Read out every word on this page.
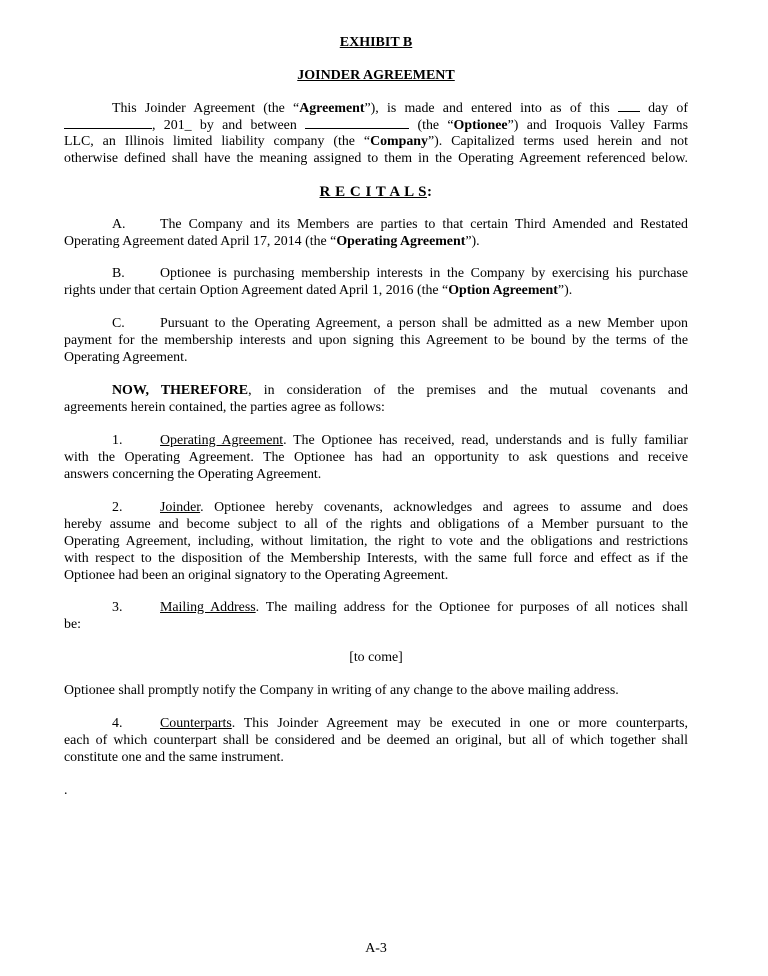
EXHIBIT B
JOINDER AGREEMENT
This Joinder Agreement (the “Agreement”), is made and entered into as of this  day of
, 201_ by and between	(the “Optionee”) and Iroquois Valley Farms
LLC, an Illinois limited liability company (the “Company”). Capitalized terms used herein and not
otherwise defined shall have the meaning assigned to them in the Operating Agreement referenced below.
R E C I T A L S:
A. The Company and its Members are parties to that certain Third Amended and Restated
Operating Agreement dated April 17, 2014 (the “Operating Agreement”).
B.	Optionee is purchasing membership interests in the Company by exercising his purchase
rights under that certain Option Agreement dated April 1, 2016 (the “Option Agreement”).
C.	Pursuant to the Operating Agreement, a person shall be admitted as a new Member upon
payment for the membership interests and upon signing this Agreement to be bound by the terms of the
Operating Agreement.
NOW, THEREFORE, in consideration of the premises and the mutual covenants and
agreements herein contained, the parties agree as follows:
1.	Operating Agreement. The Optionee has received, read, understands and is fully familiar
with the Operating Agreement. The Optionee has had an opportunity to ask questions and receive
answers concerning the Operating Agreement.
2.	Joinder. Optionee hereby covenants, acknowledges and agrees to assume and does
hereby assume and become subject to all of the rights and obligations of a Member pursuant to the
Operating Agreement, including, without limitation, the right to vote and the obligations and restrictions
with respect to the disposition of the Membership Interests, with the same full force and effect as if the
Optionee had been an original signatory to the Operating Agreement.
3.	Mailing Address. The mailing address for the Optionee for purposes of all notices shall
be:
[to come]
Optionee shall promptly notify the Company in writing of any change to the above mailing address.
4.	Counterparts. This Joinder Agreement may be executed in one or more counterparts,
each of which counterpart shall be considered and be deemed an original, but all of which together shall
constitute one and the same instrument.
.
A-3
